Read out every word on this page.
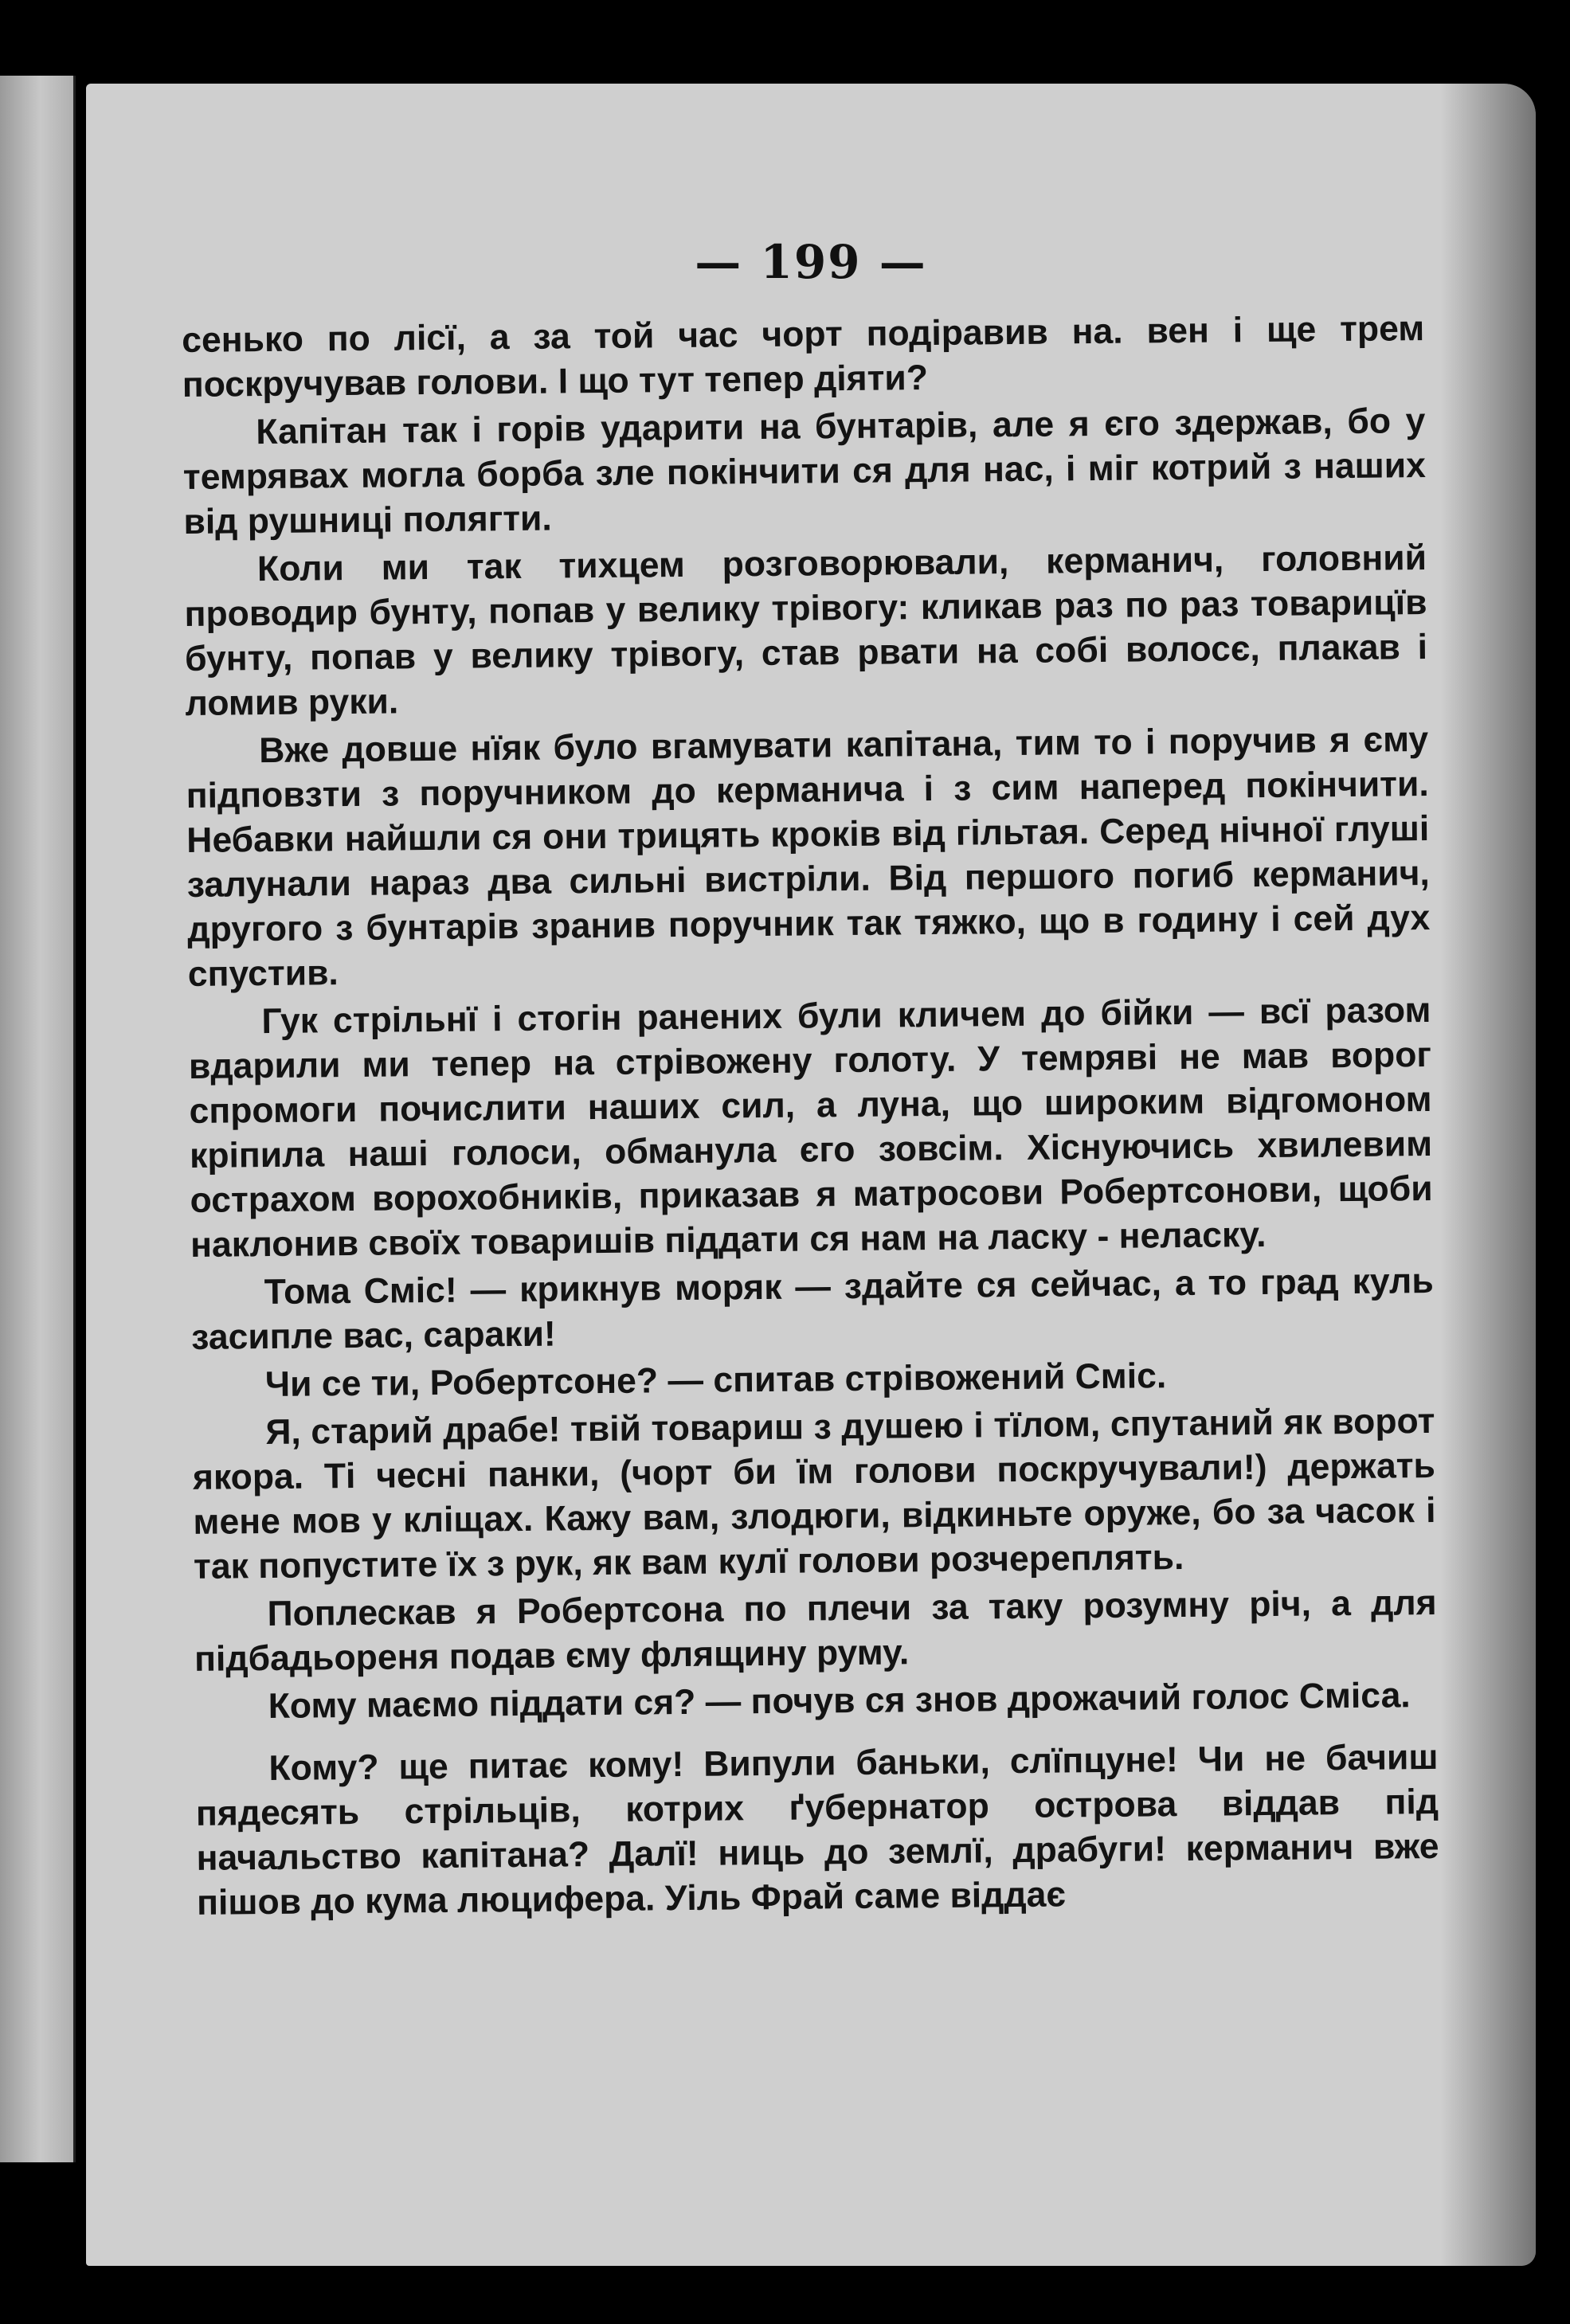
— 199 —

сенько по лісї, а за той час чорт подіравив на. вен і ще трем поскручував голови. І що тут тепер діяти?

Капітан так і горів ударити на бунтарів, але я єго здержав, бо у темрявах могла борба зле покінчити ся для нас, і міг котрий з наших від рушниці полягти.

Коли ми так тихцем розговорювали, керманич, головний проводир бунту, попав у велику трівогу: кликав раз по раз товарицїв бунту, попав у велику трівогу, став рвати на собі волосє, плакав і ломив руки.

Вже довше нїяк було вгамувати капітана, тим то і поручив я єму підповзти з поручником до керманича і з сим наперед покінчити. Небавки найшли ся они трицять кроків від гільтая. Серед нічної глуші залунали нараз два сильні вистріли. Від першого погиб керманич, другого з бунтарів зранив поручник так тяжко, що в годину і сей дух спустив.

Гук стрільнї і стогін ранених були кличем до бійки — всї разом вдарили ми тепер на стрівожену голоту. У темряві не мав ворог спромоги почислити наших сил, а луна, що широким відгомоном кріпила наші голоси, обманула єго зовсім. Хіснуючись хвилевим острахом ворохобників, приказав я матросови Робертсонови, щоби наклонив своїх товаришів піддати ся нам на ласку - неласку.

Тома Сміс! — крикнув моряк — здайте ся сейчас, а то град куль засипле вас, сараки!

Чи се ти, Робертсоне? — спитав стрівожений Сміс.

Я, старий драбе! твій товариш з душею і тїлом, спутаний як ворот якора. Ті чесні панки, (чорт би їм голови поскручували!) держать мене мов у кліщах. Кажу вам, злодюги, відкиньте оруже, бо за часок і так попустите їх з рук, як вам кулї голови розчереплять.

Поплескав я Робертсона по плечи за таку розумну річ, а для підбадьореня подав єму флящину руму.

Кому маємо піддати ся? — почув ся знов дрожачий голос Сміса.

Кому? ще питає кому! Випули баньки, слїпцуне! Чи не бачиш пядесять стрільців, котрих ґубернатор острова віддав під начальство капітана? Далї! ниць до землї, драбуги! керманич вже пішов до кума люцифера. Уіль Фрай саме віддає
